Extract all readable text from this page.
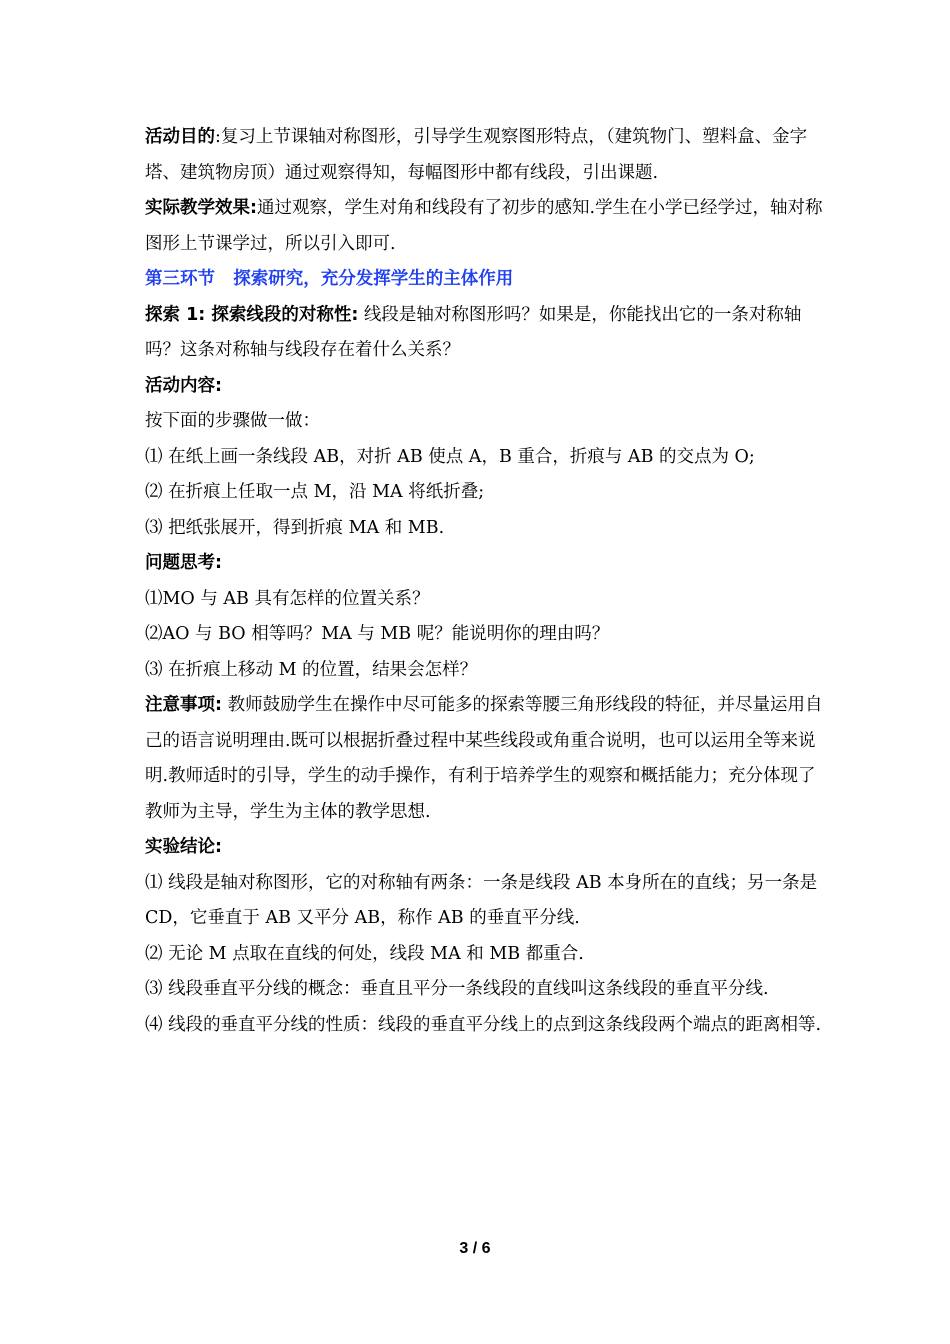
活动目的:复习上节课轴对称图形，引导学生观察图形特点，（建筑物门、塑料盒、金字塔、建筑物房顶）通过观察得知，每幅图形中都有线段，引出课题.

实际教学效果:通过观察，学生对角和线段有了初步的感知.学生在小学已经学过，轴对称图形上节课学过，所以引入即可.

第三环节   探索研究，充分发挥学生的主体作用

探索 1: 探索线段的对称性: 线段是轴对称图形吗？如果是，你能找出它的一条对称轴吗？这条对称轴与线段存在着什么关系？

活动内容:

按下面的步骤做一做：

⑴ 在纸上画一条线段 AB，对折 AB 使点 A，B 重合，折痕与 AB 的交点为 O;

⑵ 在折痕上任取一点 M，沿 MA 将纸折叠;

⑶ 把纸张展开，得到折痕 MA 和 MB.

问题思考:

⑴MO 与 AB 具有怎样的位置关系？

⑵AO 与 BO 相等吗？MA 与 MB 呢？能说明你的理由吗？

⑶ 在折痕上移动 M 的位置，结果会怎样？

注意事项: 教师鼓励学生在操作中尽可能多的探索等腰三角形线段的特征，并尽量运用自己的语言说明理由.既可以根据折叠过程中某些线段或角重合说明，也可以运用全等来说明.教师适时的引导，学生的动手操作，有利于培养学生的观察和概括能力；充分体现了教师为主导，学生为主体的教学思想.

实验结论:

⑴ 线段是轴对称图形，它的对称轴有两条：一条是线段 AB 本身所在的直线；另一条是 CD，它垂直于 AB 又平分 AB，称作 AB 的垂直平分线.

⑵ 无论 M 点取在直线的何处，线段 MA 和 MB 都重合.

⑶ 线段垂直平分线的概念：垂直且平分一条线段的直线叫这条线段的垂直平分线.

⑷ 线段的垂直平分线的性质：线段的垂直平分线上的点到这条线段两个端点的距离相等.

3 / 6
